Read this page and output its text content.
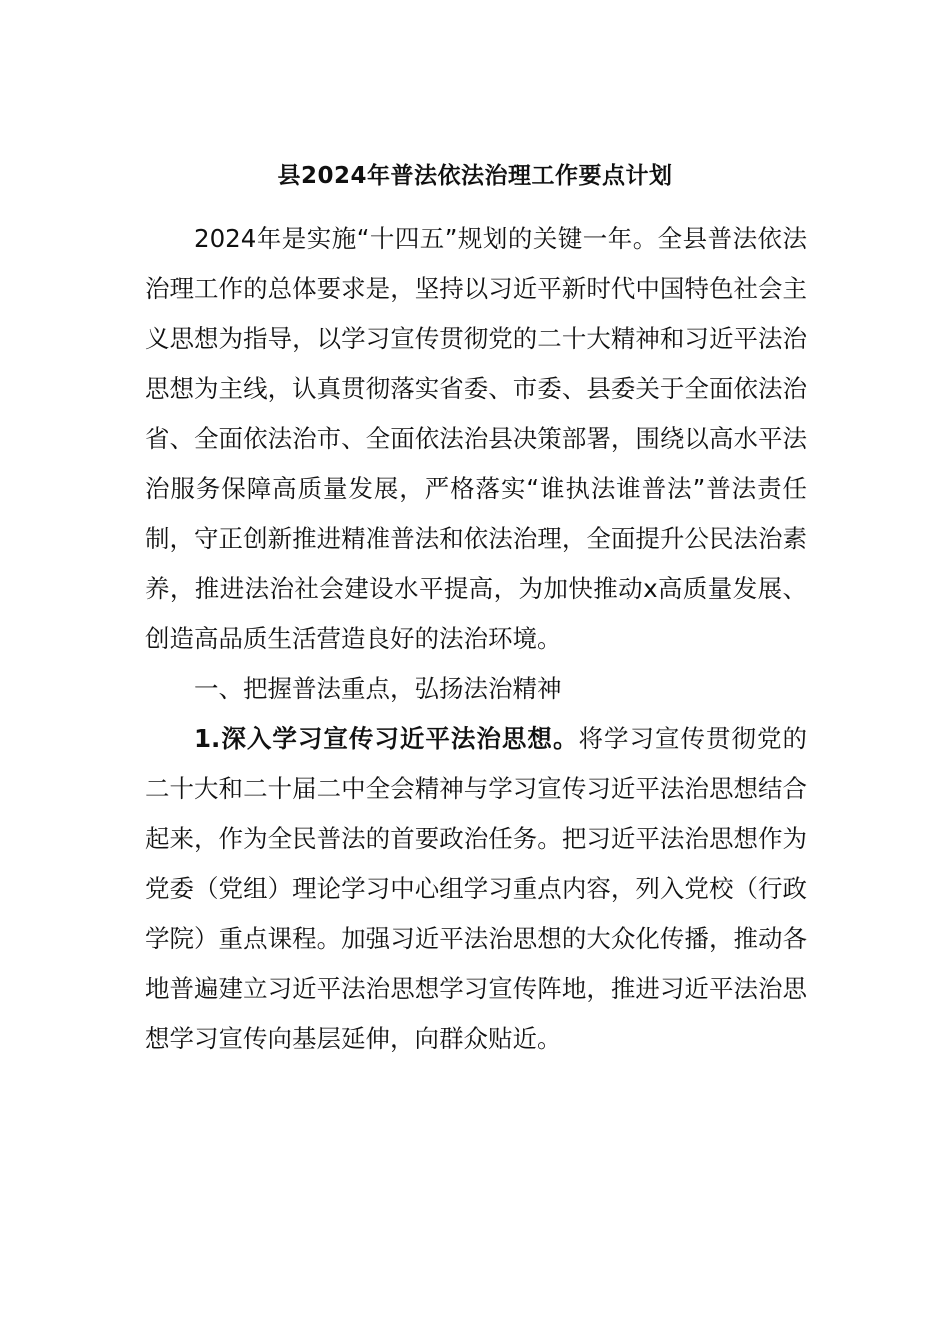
县2024年普法依法治理工作要点计划

2024年是实施“十四五”规划的关键一年。全县普法依法治理工作的总体要求是，坚持以习近平新时代中国特色社会主义思想为指导，以学习宣传贯彻党的二十大精神和习近平法治思想为主线，认真贯彻落实省委、市委、县委关于全面依法治省、全面依法治市、全面依法治县决策部署，围绕以高水平法治服务保障高质量发展，严格落实“谁执法谁普法”普法责任制，守正创新推进精准普法和依法治理，全面提升公民法治素养，推进法治社会建设水平提高，为加快推动x高质量发展、创造高品质生活营造良好的法治环境。

一、把握普法重点，弘扬法治精神

1.深入学习宣传习近平法治思想。将学习宣传贯彻党的二十大和二十届二中全会精神与学习宣传习近平法治思想结合起来，作为全民普法的首要政治任务。把习近平法治思想作为党委（党组）理论学习中心组学习重点内容，列入党校（行政学院）重点课程。加强习近平法治思想的大众化传播，推动各地普遍建立习近平法治思想学习宣传阵地，推进习近平法治思想学习宣传向基层延伸，向群众贴近。
